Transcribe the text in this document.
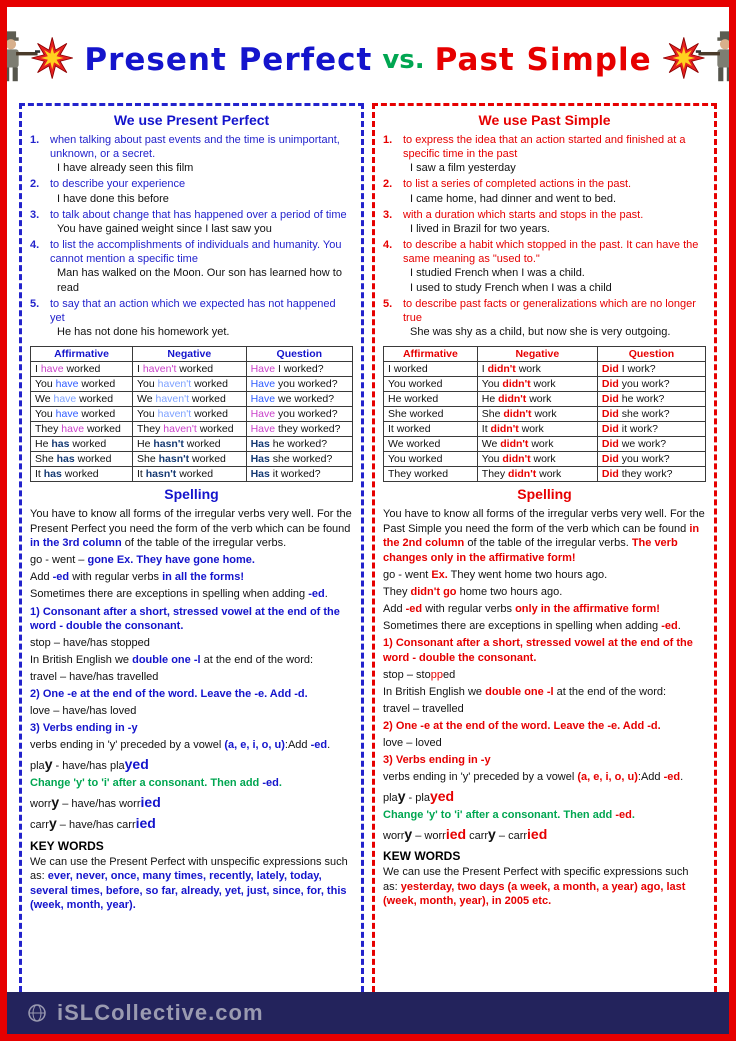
Present Perfect vs. Past Simple
We use Present Perfect
1. when talking about past events and the time is unimportant, unknown, or a secret.
I have already seen this film
2. to describe your experience
I have done this before
3. to talk about change that has happened over a period of time
You have gained weight since I last saw you
4. to list the accomplishments of individuals and humanity. You cannot mention a specific time
Man has walked on the Moon. Our son has learned how to read
5. to say that an action which we expected has not happened yet
He has not done his homework yet.
Affirmative	Negative	Question
I have worked	I haven't worked	Have I worked?
You have worked	You haven't worked	Have you worked?
We have worked	We haven't worked	Have we worked?
You have worked	You haven't worked	Have you worked?
They have worked	They haven't worked	Have they worked?
He has worked	He hasn't worked	Has he worked?
She has worked	She hasn't worked	Has she worked?
It has worked	It hasn't worked	Has it worked?
Spelling
You have to know all forms of the irregular verbs very well. For the Present Perfect you need the form of the verb which can be found in the 3rd column of the table of the irregular verbs.
go - went – gone Ex. They have gone home.
Add -ed with regular verbs in all the forms!
Sometimes there are exceptions in spelling when adding -ed.
1) Consonant after a short, stressed vowel at the end of the word - double the consonant.
stop – have/has stopped
In British English we double one -l at the end of the word:
travel – have/has travelled
2) One -e at the end of the word. Leave the -e. Add -d.
love – have/has loved
3) Verbs ending in -y
verbs ending in 'y' preceded by a vowel (a, e, i, o, u):Add -ed.
play - have/has played
Change 'y' to 'i' after a consonant. Then add -ed.
worry – have/has worried
carry – have/has carried
KEY WORDS
We can use the Present Perfect with unspecific expressions such as: ever, never, once, many times, recently, lately, today, several times, before, so far, already, yet, just, since, for, this (week, month, year).
We use Past Simple
1. to express the idea that an action started and finished at a specific time in the past
I saw a film yesterday
2. to list a series of completed actions in the past.
I came home, had dinner and went to bed.
3. with a duration which starts and stops in the past.
I lived in Brazil for two years.
4. to describe a habit which stopped in the past. It can have the same meaning as "used to."
I studied French when I was a child.
I used to study French when I was a child
5. to describe past facts or generalizations which are no longer true
She was shy as a child, but now she is very outgoing.
Affirmative	Negative	Question
I worked	I didn't work	Did I work?
You worked	You didn't work	Did you work?
He worked	He didn't work	Did he work?
She worked	She didn't work	Did she work?
It worked	It didn't work	Did it work?
We worked	We didn't work	Did we work?
You worked	You didn't work	Did you work?
They worked	They didn't work	Did they work?
Spelling
You have to know all forms of the irregular verbs very well. For the Past Simple you need the form of the verb which can be found in the 2nd column of the table of the irregular verbs. The verb changes only in the affirmative form!
go - went Ex. They went home two hours ago.
They didn't go home two hours ago.
Add -ed with regular verbs only in the affirmative form!
Sometimes there are exceptions in spelling when adding -ed.
1) Consonant after a short, stressed vowel at the end of the word - double the consonant.
stop – stopped
In British English we double one -l at the end of the word:
travel – travelled
2) One -e at the end of the word. Leave the -e. Add -d.
love – loved
3) Verbs ending in -y
verbs ending in 'y' preceded by a vowel (a, e, i, o, u):Add -ed.
play - played
Change 'y' to 'i' after a consonant. Then add -ed.
worry – worried carry – carried
KEW WORDS
We can use the Present Perfect with specific expressions such as: yesterday, two days (a week, a month, a year) ago, last (week, month, year), in 2005 etc.
iSLCollective.com
